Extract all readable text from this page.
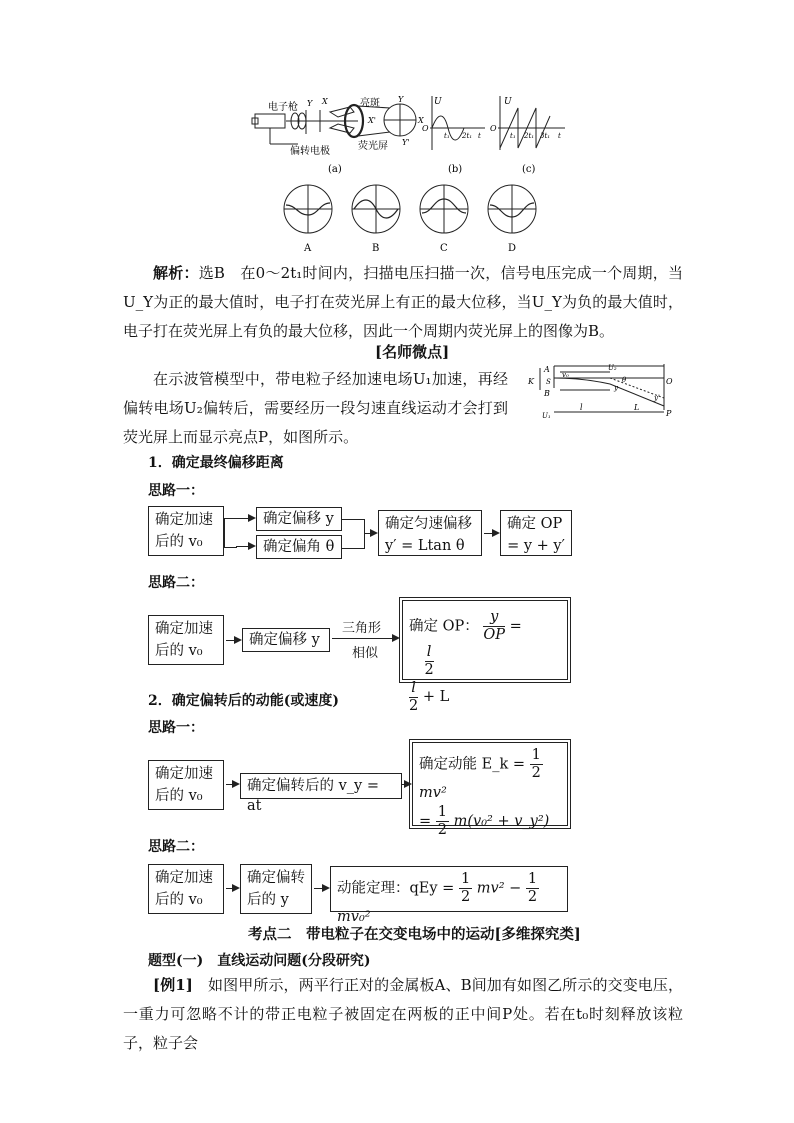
电子枪
偏转电极
亮斑
荧光屏
(a)
Y X	Y
X
Y'
X'
U
O
t₁ 2t₁ t
(b)
U
O
t₁ 2t₁ 3t₁ t
(c)
A	B	C	D

解析：选B　在0～2t₁时间内，扫描电压扫描一次，信号电压完成一个周期，当U_Y为正的最大值时，电子打在荧光屏上有正的最大位移，当U_Y为负的最大值时，电子打在荧光屏上有负的最大位移，因此一个周期内荧光屏上的图像为B。

[名师微点]

在示波管模型中，带电粒子经加速电场U₁加速，再经偏转电场U₂偏转后，需要经历一段匀速直线运动才会打到荧光屏上而显示亮点P，如图所示。

K
A
B
S	O
P
U₁
U₂
v₀
l	L
θ
y
y'
1．确定最终偏移距离
思路一：
确定加速后的 v₀
确定偏移 y
确定偏角 θ
确定匀速偏移
y′ = Ltan θ
确定 OP
= y + y′
思路二：
确定加速后的 v₀
确定偏移 y
三角形
相似
确定 OP： $\frac{y}{OP}$ =
$\frac{\frac{l}{2}}{\frac{l}{2} + L}$
2．确定偏转后的动能(或速度)
思路一：
确定加速后的 v₀
确定偏转后的 v_y = at
确定动能 E_k = $\frac{1}{2}$
mv²
= $\frac{1}{2} m(v_0^2$ + v_y²)
思路二：
确定加速后的 v₀
确定偏转后的 y
动能定理：qEy = $\frac{1}{2} mv^2 - \frac{1}{2}$
mv₀²
考点二　带电粒子在交变电场中的运动[多维探究类]
题型(一)　直线运动问题(分段研究)

[例1]　 如图甲所示，两平行正对的金属板A、B间加有如图乙所示的交变电压，一重力可忽略不计的带正电粒子被固定在两板的正中间P处。若在t₀时刻释放该粒子，粒子会
